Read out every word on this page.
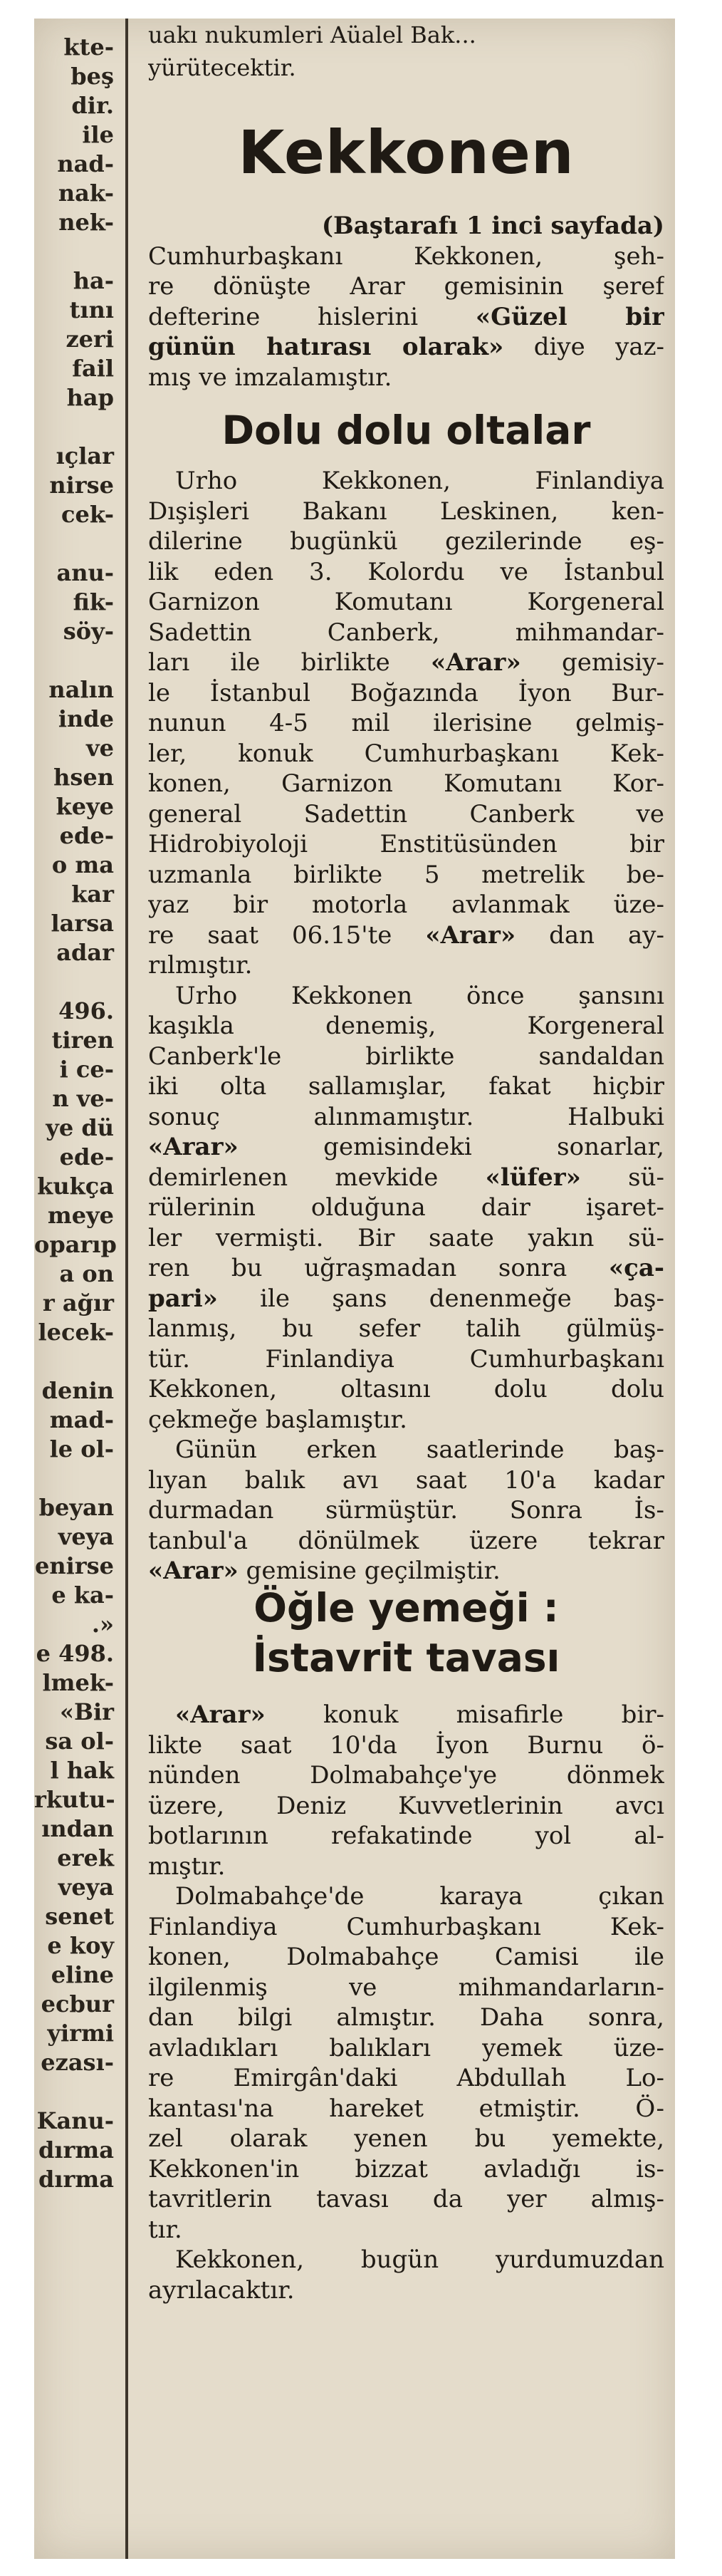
kte-
beş
dir.
ile
nad-
nak-
nek-
ha-
tını
zeri
fail
hap
ıçlar
nirse
cek-
anu-
fik-
söy-
nalın
inde
ve
hsen
keye
ede-
o ma
kar
larsa
adar
496.
tiren
i ce-
n ve-
ye dü
ede-
kukça
meye
oparıp
a on
r ağır
lecek-
denin
mad-
le ol-
beyan
veya
enirse
e ka-
.»
e 498.
lmek-
«Bir
sa ol-
l hak
rkutu-
ından
erek
veya
senet
e koy
eline
ecbur
yirmi
ezası-
Kanu-
dırma
dırma
uakı nukumleri Aüalel Bak...
yürütecektir.
Kekkonen
(Baştarafı 1 inci sayfada)
Cumhurbaşkanı Kekkonen, şeh-
re dönüşte Arar gemisinin şeref
defterine hislerini «Güzel bir
günün hatırası olarak» diye yaz-
mış ve imzalamıştır.
Dolu dolu oltalar
Urho Kekkonen, Finlandiya
Dışişleri Bakanı Leskinen, ken-
dilerine bugünkü gezilerinde eş-
lik eden 3. Kolordu ve İstanbul
Garnizon Komutanı Korgeneral
Sadettin Canberk, mihmandar-
ları ile birlikte «Arar» gemisiy-
le İstanbul Boğazında İyon Bur-
nunun 4-5 mil ilerisine gelmiş-
ler, konuk Cumhurbaşkanı Kek-
konen, Garnizon Komutanı Kor-
general Sadettin Canberk ve
Hidrobiyoloji Enstitüsünden bir
uzmanla birlikte 5 metrelik be-
yaz bir motorla avlanmak üze-
re saat 06.15'te «Arar» dan ay-
rılmıştır.
Urho Kekkonen önce şansını
kaşıkla denemiş, Korgeneral
Canberk'le birlikte sandaldan
iki olta sallamışlar, fakat hiçbir
sonuç alınmamıştır. Halbuki
«Arar» gemisindeki sonarlar,
demirlenen mevkide «lüfer» sü-
rülerinin olduğuna dair işaret-
ler vermişti. Bir saate yakın sü-
ren bu uğraşmadan sonra «ça-
pari» ile şans denenmeğe baş-
lanmış, bu sefer talih gülmüş-
tür. Finlandiya Cumhurbaşkanı
Kekkonen, oltasını dolu dolu
çekmeğe başlamıştır.
Günün erken saatlerinde baş-
lıyan balık avı saat 10'a kadar
durmadan sürmüştür. Sonra İs-
tanbul'a dönülmek üzere tekrar
«Arar» gemisine geçilmiştir.
Öğle yemeği :
İstavrit tavası
«Arar» konuk misafirle bir-
likte saat 10'da İyon Burnu ö-
nünden Dolmabahçe'ye dönmek
üzere, Deniz Kuvvetlerinin avcı
botlarının refakatinde yol al-
mıştır.
Dolmabahçe'de karaya çıkan
Finlandiya Cumhurbaşkanı Kek-
konen, Dolmabahçe Camisi ile
ilgilenmiş ve mihmandarların-
dan bilgi almıştır. Daha sonra,
avladıkları balıkları yemek üze-
re Emirgân'daki Abdullah Lo-
kantası'na hareket etmiştir. Ö-
zel olarak yenen bu yemekte,
Kekkonen'in bizzat avladığı is-
tavritlerin tavası da yer almış-
tır.
Kekkonen, bugün yurdumuzdan
ayrılacaktır.
